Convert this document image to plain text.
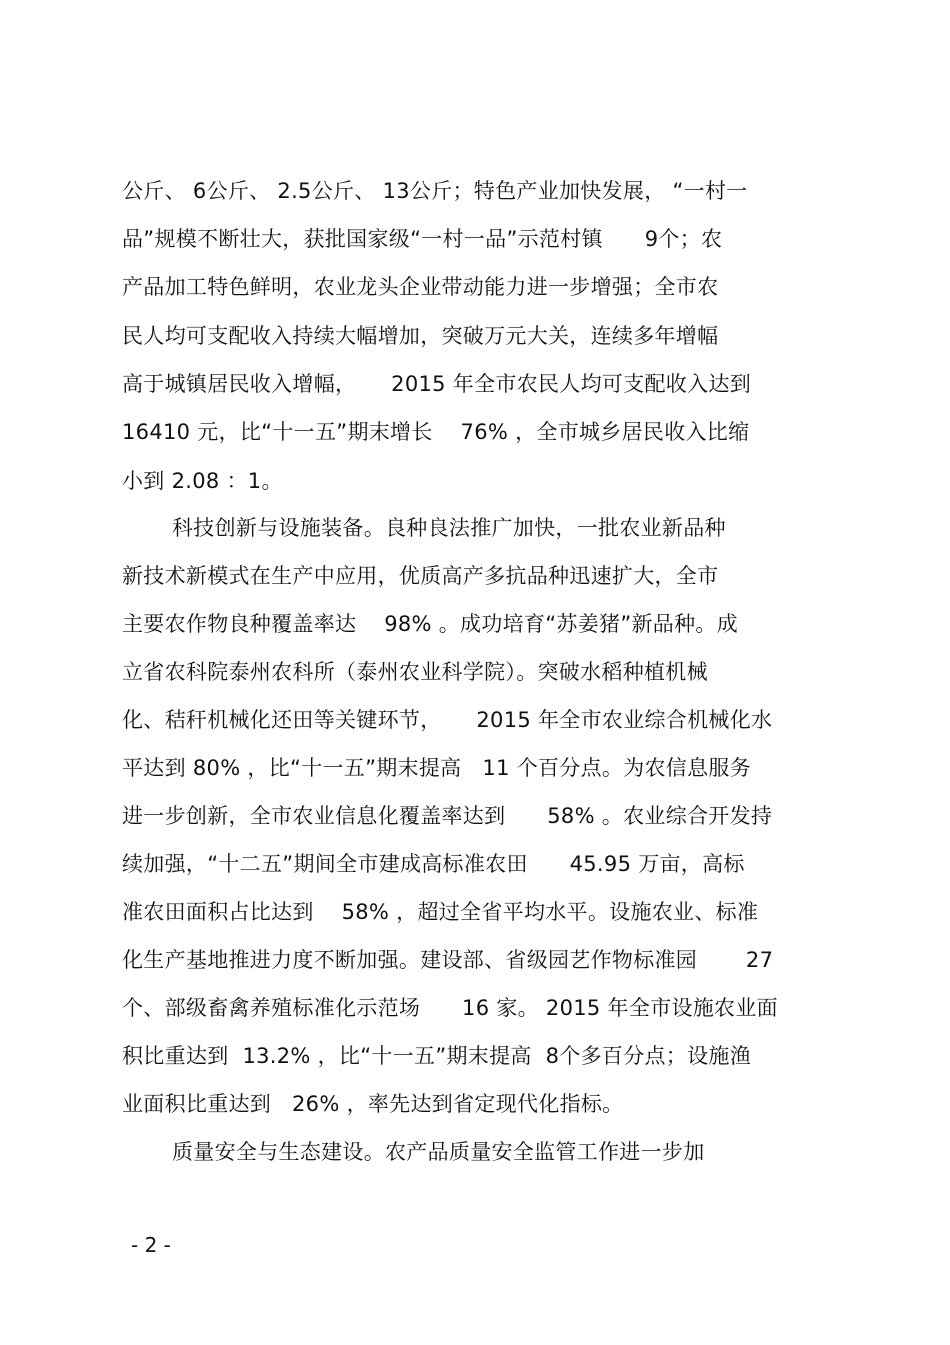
公斤、 6公斤、 2.5公斤、 13公斤；特色产业加快发展， “一村一
品”规模不断壮大，获批国家级“一村一品”示范村镇      9个；农
产品加工特色鲜明，农业龙头企业带动能力进一步增强；全市农
民人均可支配收入持续大幅增加，突破万元大关，连续多年增幅
高于城镇居民收入增幅，     2015 年全市农民人均可支配收入达到
16410 元，比“十一五”期末增长    76% ，全市城乡居民收入比缩
小到 2.08 ：1。
科技创新与设施装备。良种良法推广加快，一批农业新品种
新技术新模式在生产中应用，优质高产多抗品种迅速扩大，全市
主要农作物良种覆盖率达    98% 。成功培育“苏姜猪”新品种。成
立省农科院泰州农科所（泰州农业科学院）。突破水稻种植机械
化、秸秆机械化还田等关键环节，     2015 年全市农业综合机械化水
平达到 80% ，比“十一五”期末提高   11 个百分点。为农信息服务
进一步创新，全市农业信息化覆盖率达到      58% 。农业综合开发持
续加强，“十二五”期间全市建成高标准农田      45.95 万亩，高标
准农田面积占比达到    58% ，超过全省平均水平。设施农业、标准
化生产基地推进力度不断加强。建设部、省级园艺作物标准园       27
个、部级畜禽养殖标准化示范场      16 家。 2015 年全市设施农业面
积比重达到  13.2% ，比“十一五”期末提高  8个多百分点；设施渔
业面积比重达到   26% ，率先达到省定现代化指标。
质量安全与生态建设。农产品质量安全监管工作进一步加
- 2 -
